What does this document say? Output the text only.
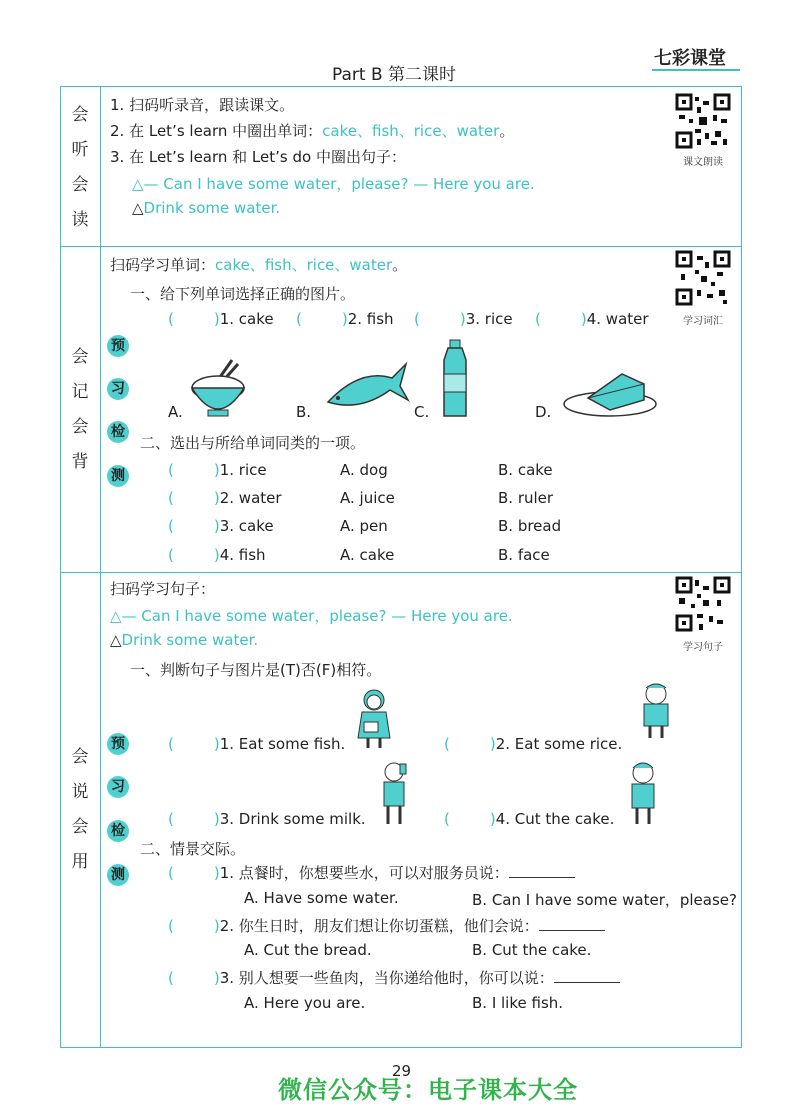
Part B 第二课时
七彩课堂
会
听
会
读
1. 扫码听录音，跟读课文。
2. 在 Let’s learn 中圈出单词：cake、fish、rice、water。
3. 在 Let’s learn 和 Let’s do 中圈出句子：
△— Can I have some water，please? — Here you are.
△Drink some water.
课文朗读
会
记
会
背
预
习
检
测
扫码学习单词：cake、fish、rice、water。
一、给下列单词选择正确的图片。
(	)1. cake (	)2. fish (	)3. rice (	)4. water
A.	B.	C.	D.
二、选出与所给单词同类的一项。
(	)1. rice	A. dog	B. cake
(	)2. water	A. juice	B. ruler
(	)3. cake	A. pen	B. bread
(	)4. fish	A. cake	B. face
学习词汇
会
说
会
用
预
习
检
测
扫码学习句子：
△— Can I have some water，please? — Here you are.
△Drink some water.
一、判断句子与图片是(T)否(F)相符。
(	)1. Eat some fish.	(	)2. Eat some rice.
(	)3. Drink some milk.	(	)4. Cut the cake.
二、情景交际。
(	)1. 点餐时，你想要些水，可以对服务员说：
A. Have some water.	B. Can I have some water，please?
(	)2. 你生日时，朋友们想让你切蛋糕，他们会说：
A. Cut the bread.	B. Cut the cake.
(	)3. 别人想要一些鱼肉，当你递给他时，你可以说：
A. Here you are.	B. I like fish.
学习句子
29
微信公众号：电子课本大全
